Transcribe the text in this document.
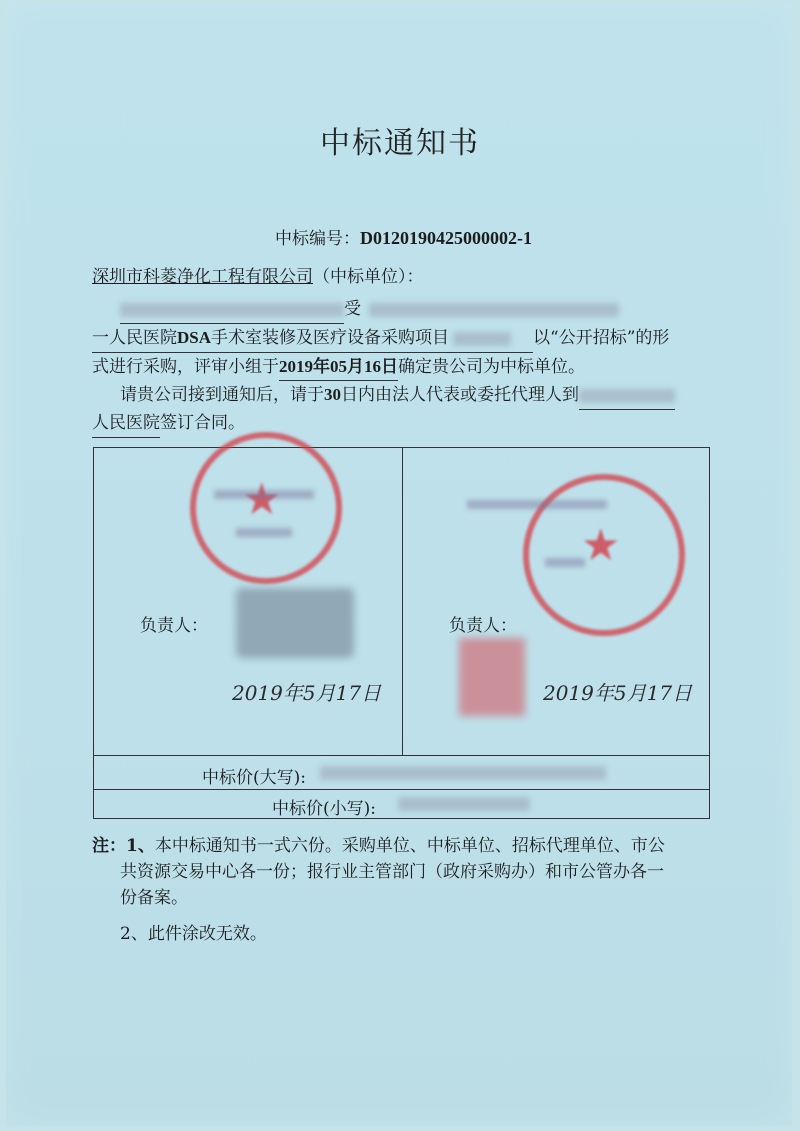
中标通知书
中标编号：D0120190425000002-1
深圳市科菱净化工程有限公司（中标单位）：
受
一人民医院DSA手术室装修及医疗设备采购项目	以“公开招标”的形
式进行采购，评审小组于2019年05月16日确定贵公司为中标单位。
请贵公司接到通知后，请于30日内由法人代表或委托代理人到
人民医院签订合同。
★
负责人：
2019年5月17日
★
负责人：
2019年5月17日
中标价(大写):
中标价(小写):
注：1、本中标通知书一式六份。采购单位、中标单位、招标代理单位、市公
共资源交易中心各一份；报行业主管部门（政府采购办）和市公管办各一
份备案。
2、此件涂改无效。
